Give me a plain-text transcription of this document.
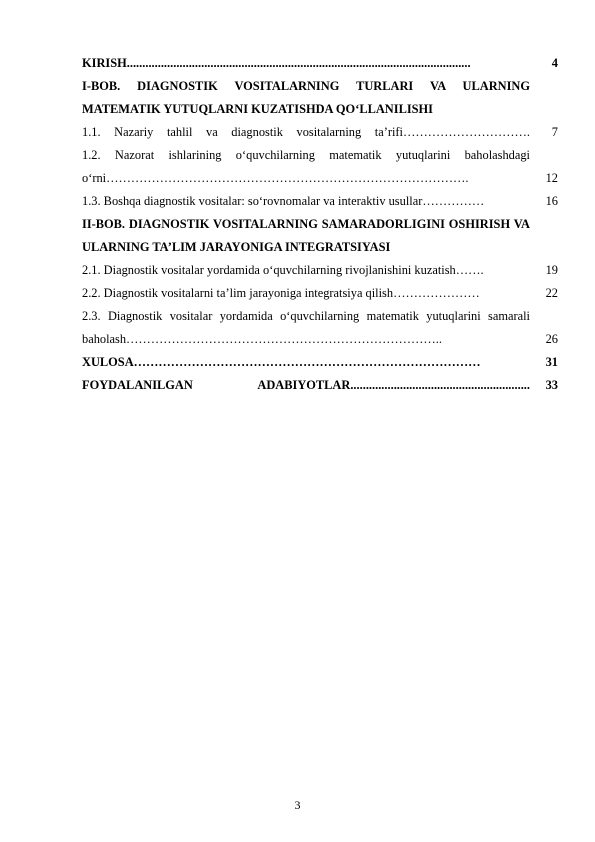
KIRISH...............................................................................................................	4
I-BOB. DIAGNOSTIK VOSITALARNING TURLARI VA ULARNING MATEMATIK YUTUQLARNI KUZATISHDA QO‘LLANILISHI
1.1. Nazariy tahlil va diagnostik vositalarning ta’rifi………………………….	7
1.2. Nazorat ishlarining o‘quvchilarning matematik yutuqlarini baholashdagi o‘rni…………………………………………………………………………….	12
1.3. Boshqa diagnostik vositalar: so‘rovnomalar va interaktiv usullar……………	16
II-BOB. DIAGNOSTIK VOSITALARNING SAMARADORLIGINI OSHIRISH VA ULARNING TA’LIM JARAYONIGA INTEGRATSIYASI
2.1. Diagnostik vositalar yordamida o‘quvchilarning rivojlanishini kuzatish…….	19
2.2. Diagnostik vositalarni ta’lim jarayoniga integratsiya qilish…………………	22
2.3. Diagnostik vositalar yordamida o‘quvchilarning matematik yutuqlarini samarali baholash…………………………………………………………………..	26
XULOSA…………………………………………………………………………	31
FOYDALANILGAN ADABIYOTLAR..........................................................	33
3
